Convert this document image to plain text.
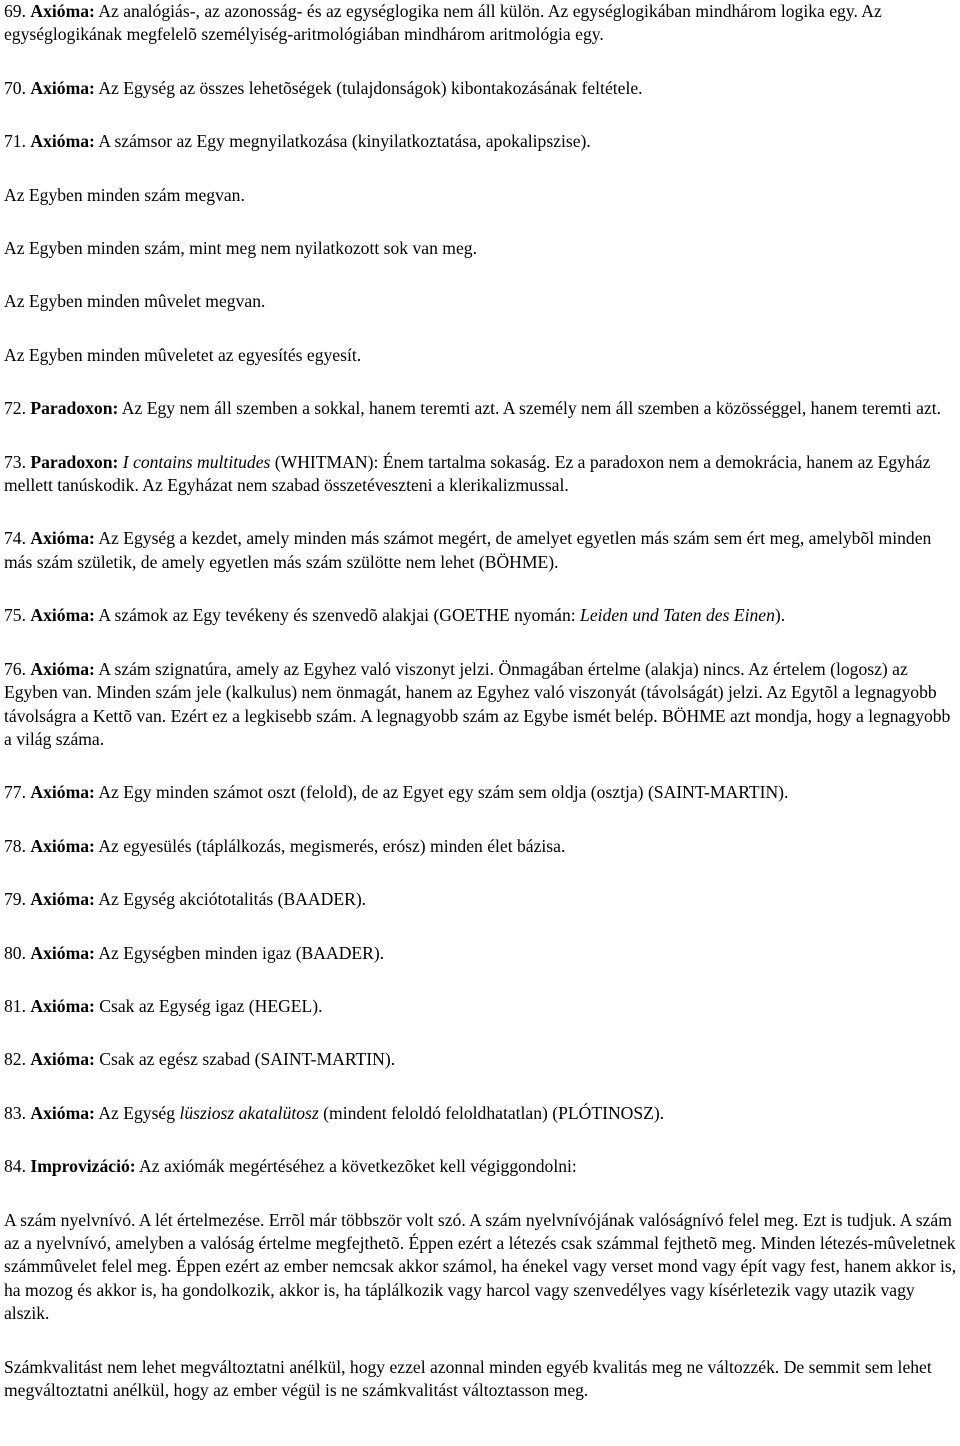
69. Axióma: Az analógiás-, az azonosság- és az egységlogika nem áll külön. Az egységlogikában mindhárom logika egy. Az egységlogikának megfelelõ személyiség-aritmológiában mindhárom aritmológia egy.

70. Axióma: Az Egység az összes lehetõségek (tulajdonságok) kibontakozásának feltétele.

71. Axióma: A számsor az Egy megnyilatkozása (kinyilatkoztatása, apokalipszise).

Az Egyben minden szám megvan.

Az Egyben minden szám, mint meg nem nyilatkozott sok van meg.

Az Egyben minden mûvelet megvan.

Az Egyben minden mûveletet az egyesítés egyesít.

72. Paradoxon: Az Egy nem áll szemben a sokkal, hanem teremti azt. A személy nem áll szemben a közösséggel, hanem teremti azt.

73. Paradoxon: I contains multitudes (WHITMAN): Énem tartalma sokaság. Ez a paradoxon nem a demokrácia, hanem az Egyház mellett tanúskodik. Az Egyházat nem szabad összetéveszteni a klerikalizmussal.

74. Axióma: Az Egység a kezdet, amely minden más számot megért, de amelyet egyetlen más szám sem ért meg, amelybõl minden más szám születik, de amely egyetlen más szám szülötte nem lehet (BÖHME).

75. Axióma: A számok az Egy tevékeny és szenvedõ alakjai (GOETHE nyomán: Leiden und Taten des Einen).

76. Axióma: A szám szignatúra, amely az Egyhez való viszonyt jelzi. Önmagában értelme (alakja) nincs. Az értelem (logosz) az Egyben van. Minden szám jele (kalkulus) nem önmagát, hanem az Egyhez való viszonyát (távolságát) jelzi. Az Egytõl a legnagyobb távolságra a Kettõ van. Ezért ez a legkisebb szám. A legnagyobb szám az Egybe ismét belép. BÖHME azt mondja, hogy a legnagyobb a világ száma.

77. Axióma: Az Egy minden számot oszt (felold), de az Egyet egy szám sem oldja (osztja) (SAINT-MARTIN).

78. Axióma: Az egyesülés (táplálkozás, megismerés, erósz) minden élet bázisa.

79. Axióma: Az Egység akciótotalitás (BAADER).

80. Axióma: Az Egységben minden igaz (BAADER).

81. Axióma: Csak az Egység igaz (HEGEL).

82. Axióma: Csak az egész szabad (SAINT-MARTIN).

83. Axióma: Az Egység lüsziosz akatalütosz (mindent feloldó feloldhatatlan) (PLÓTINOSZ).

84. Improvizáció: Az axiómák megértéséhez a következõket kell végiggondolni:

A szám nyelvnívó. A lét értelmezése. Errõl már többször volt szó. A szám nyelvnívójának valóságnívó felel meg. Ezt is tudjuk. A szám az a nyelvnívó, amelyben a valóság értelme megfejthetõ. Éppen ezért a létezés csak számmal fejthetõ meg. Minden létezés-mûveletnek számmûvelet felel meg. Éppen ezért az ember nemcsak akkor számol, ha énekel vagy verset mond vagy épít vagy fest, hanem akkor is, ha mozog és akkor is, ha gondolkozik, akkor is, ha táplálkozik vagy harcol vagy szenvedélyes vagy kísérletezik vagy utazik vagy alszik.

Számkvalitást nem lehet megváltoztatni anélkül, hogy ezzel azonnal minden egyéb kvalitás meg ne változzék. De semmit sem lehet megváltoztatni anélkül, hogy az ember végül is ne számkvalitást változtasson meg.
